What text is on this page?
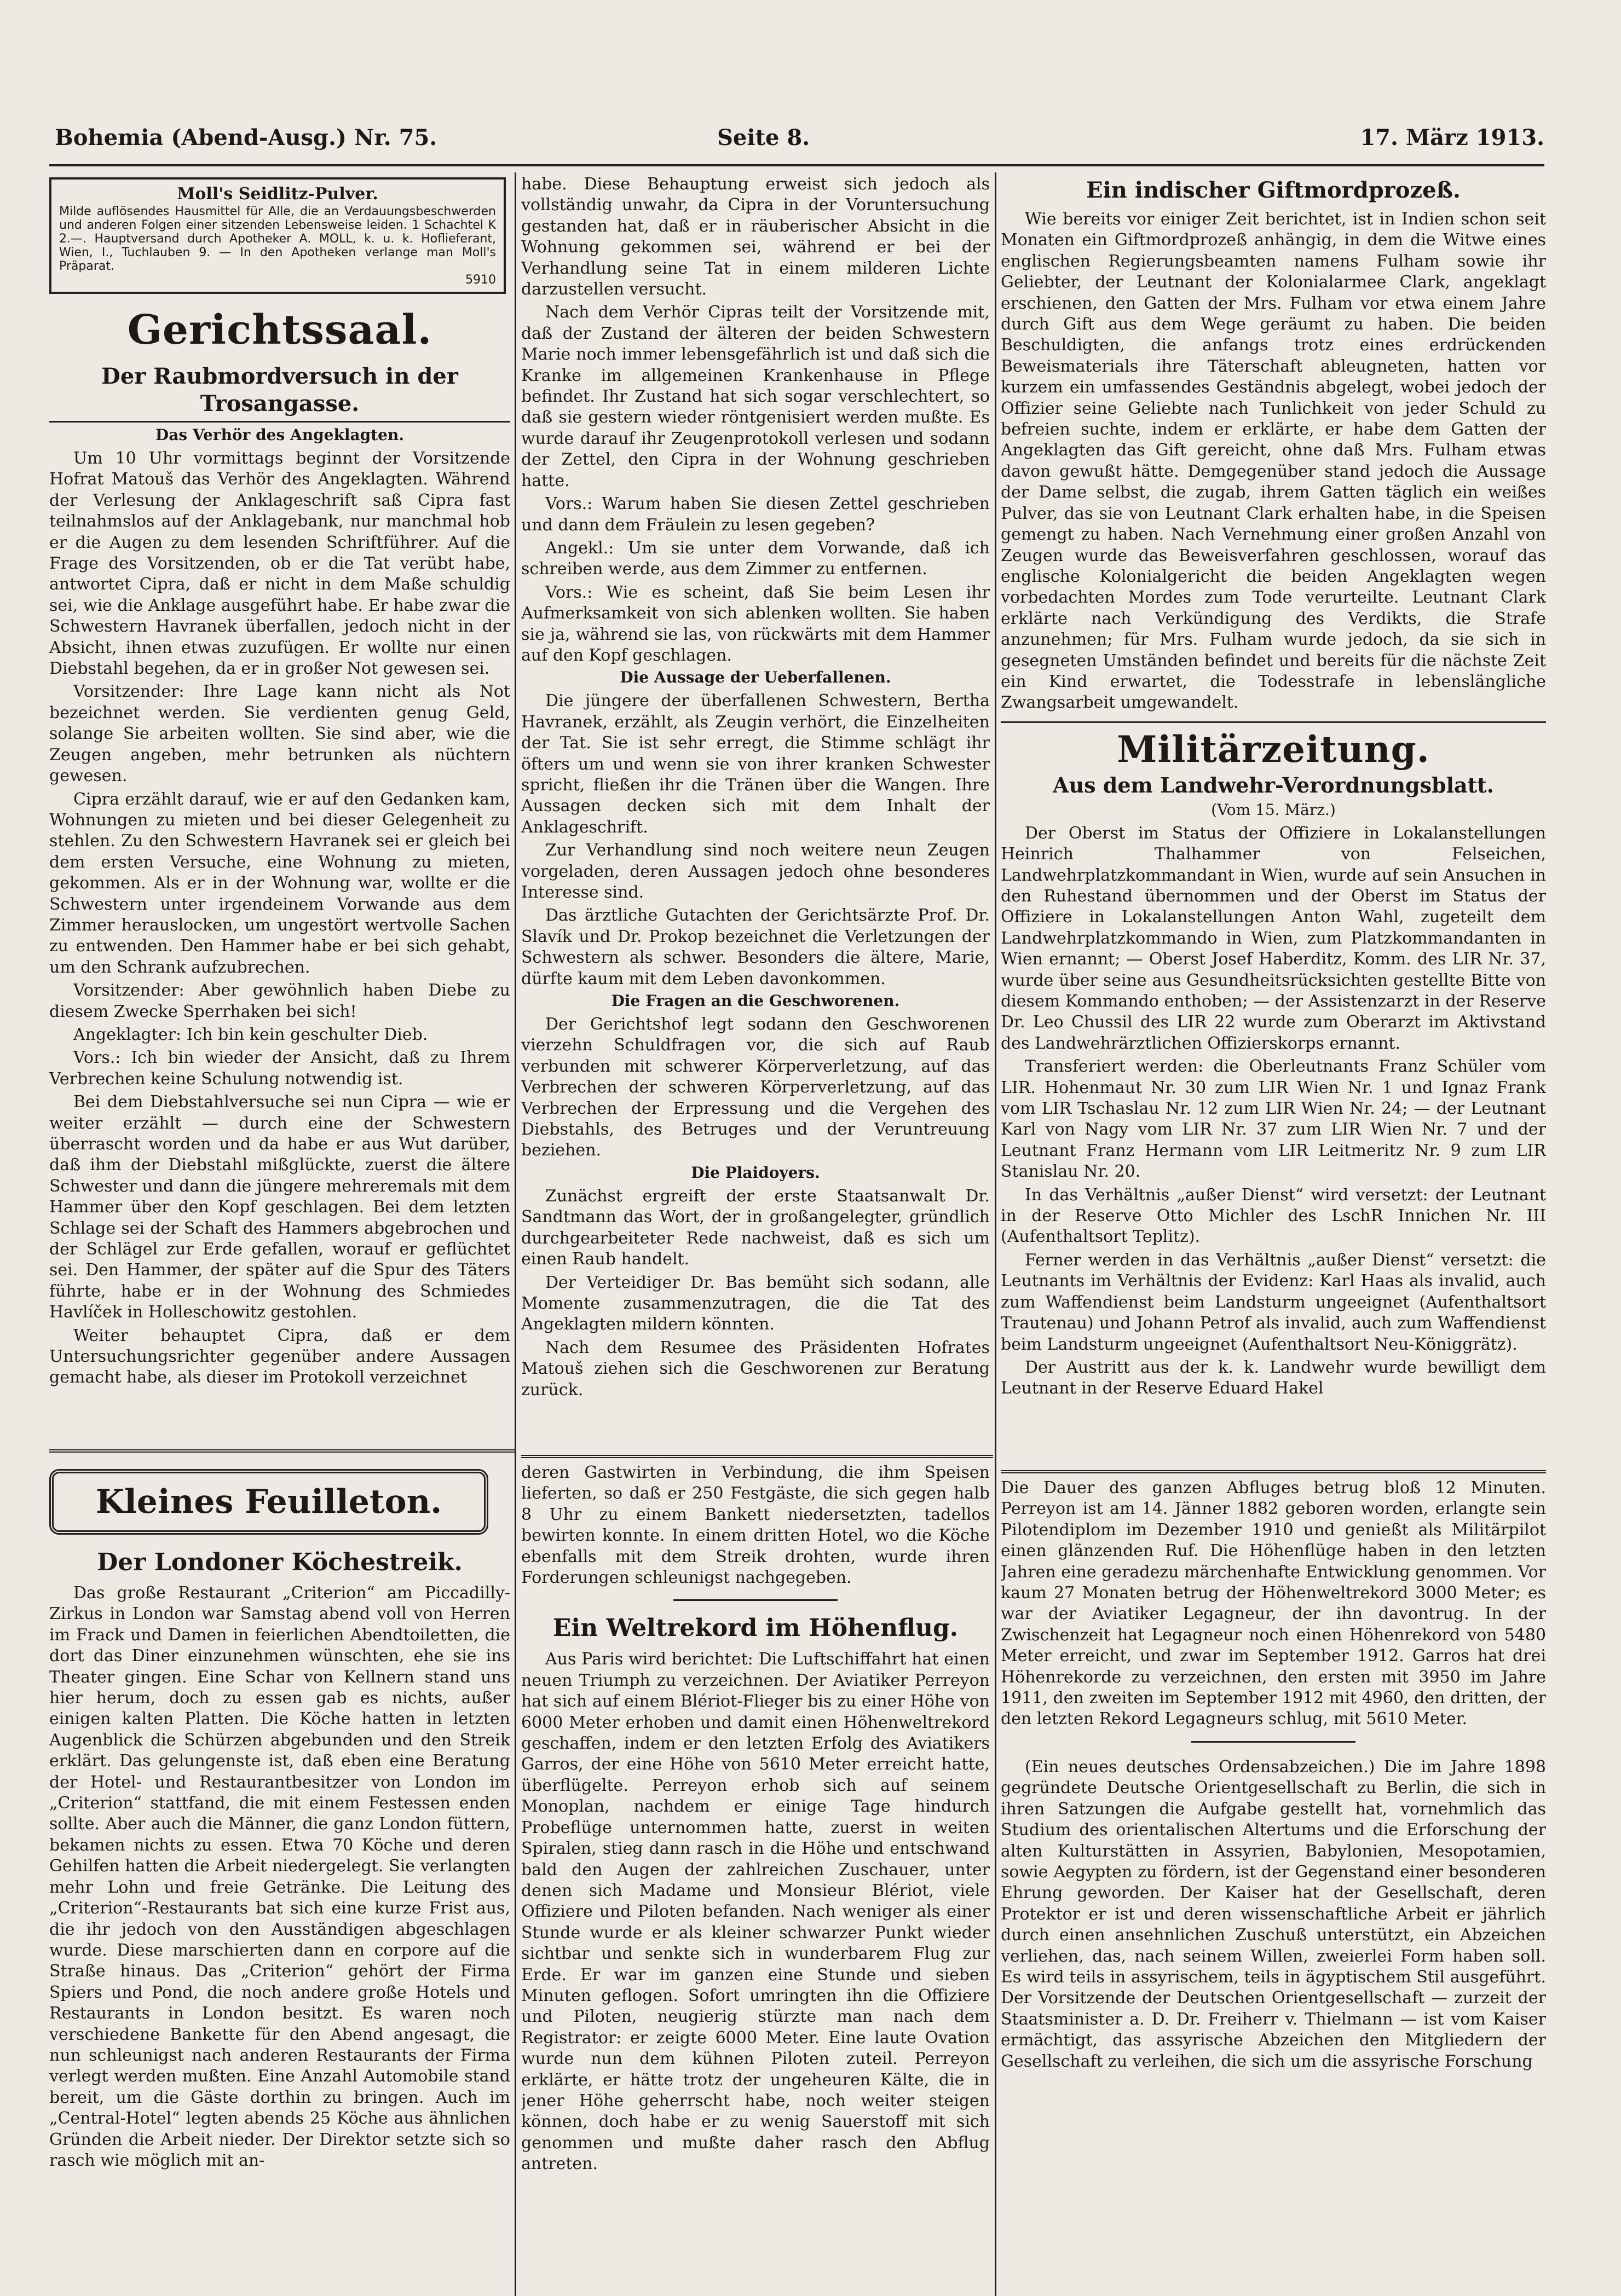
Bohemia (Abend-Ausg.) Nr. 75.	Seite 8.	17. März 1913.
Moll's Seidlitz-Pulver.

Milde auflösendes Hausmittel für Alle, die an Verdauungsbeschwerden und anderen Folgen einer sitzenden Lebensweise leiden. 1 Schachtel K 2.—. Hauptversand durch Apotheker A. MOLL, k. u. k. Hoflieferant, Wien, I., Tuchlauben 9. — In den Apotheken verlange man Moll's Präparat.

5910
Gerichtssaal.
Der Raubmordversuch in der Trosangasse.
Das Verhör des Angeklagten.

Um 10 Uhr vormittags beginnt der Vorsitzende Hofrat Matouš das Verhör des Angeklagten. Während der Verlesung der Anklageschrift saß Cipra fast teilnahmslos auf der Anklagebank, nur manchmal hob er die Augen zu dem lesenden Schriftführer. Auf die Frage des Vorsitzenden, ob er die Tat verübt habe, antwortet Cipra, daß er nicht in dem Maße schuldig sei, wie die Anklage ausgeführt habe. Er habe zwar die Schwestern Havranek überfallen, jedoch nicht in der Absicht, ihnen etwas zuzufügen. Er wollte nur einen Diebstahl begehen, da er in großer Not gewesen sei.

Vorsitzender: Ihre Lage kann nicht als Not bezeichnet werden. Sie verdienten genug Geld, solange Sie arbeiten wollten. Sie sind aber, wie die Zeugen angeben, mehr betrunken als nüchtern gewesen.

Cipra erzählt darauf, wie er auf den Gedanken kam, Wohnungen zu mieten und bei dieser Gelegenheit zu stehlen. Zu den Schwestern Havranek sei er gleich bei dem ersten Versuche, eine Wohnung zu mieten, gekommen. Als er in der Wohnung war, wollte er die Schwestern unter irgendeinem Vorwande aus dem Zimmer herauslocken, um ungestört wertvolle Sachen zu entwenden. Den Hammer habe er bei sich gehabt, um den Schrank aufzubrechen.

Vorsitzender: Aber gewöhnlich haben Diebe zu diesem Zwecke Sperrhaken bei sich!

Angeklagter: Ich bin kein geschulter Dieb.

Vors.: Ich bin wieder der Ansicht, daß zu Ihrem Verbrechen keine Schulung notwendig ist.

Bei dem Diebstahlversuche sei nun Cipra — wie er weiter erzählt — durch eine der Schwestern überrascht worden und da habe er aus Wut darüber, daß ihm der Diebstahl mißglückte, zuerst die ältere Schwester und dann die jüngere mehreremals mit dem Hammer über den Kopf geschlagen. Bei dem letzten Schlage sei der Schaft des Hammers abgebrochen und der Schlägel zur Erde gefallen, worauf er geflüchtet sei. Den Hammer, der später auf die Spur des Täters führte, habe er in der Wohnung des Schmiedes Havlíček in Holleschowitz gestohlen.

Weiter behauptet Cipra, daß er dem Untersuchungsrichter gegenüber andere Aussagen gemacht habe, als dieser im Protokoll verzeichnet

habe. Diese Behauptung erweist sich jedoch als vollständig unwahr, da Cipra in der Voruntersuchung gestanden hat, daß er in räuberischer Absicht in die Wohnung gekommen sei, während er bei der Verhandlung seine Tat in einem milderen Lichte darzustellen versucht.

Nach dem Verhör Cipras teilt der Vorsitzende mit, daß der Zustand der älteren der beiden Schwestern Marie noch immer lebensgefährlich ist und daß sich die Kranke im allgemeinen Krankenhause in Pflege befindet. Ihr Zustand hat sich sogar verschlechtert, so daß sie gestern wieder röntgenisiert werden mußte. Es wurde darauf ihr Zeugenprotokoll verlesen und sodann der Zettel, den Cipra in der Wohnung geschrieben hatte.

Vors.: Warum haben Sie diesen Zettel geschrieben und dann dem Fräulein zu lesen gegeben?

Angekl.: Um sie unter dem Vorwande, daß ich schreiben werde, aus dem Zimmer zu entfernen.

Vors.: Wie es scheint, daß Sie beim Lesen ihr Aufmerksamkeit von sich ablenken wollten. Sie haben sie ja, während sie las, von rückwärts mit dem Hammer auf den Kopf geschlagen.

Die Aussage der Ueberfallenen.

Die jüngere der überfallenen Schwestern, Bertha Havranek, erzählt, als Zeugin verhört, die Einzelheiten der Tat. Sie ist sehr erregt, die Stimme schlägt ihr öfters um und wenn sie von ihrer kranken Schwester spricht, fließen ihr die Tränen über die Wangen. Ihre Aussagen decken sich mit dem Inhalt der Anklageschrift.

Zur Verhandlung sind noch weitere neun Zeugen vorgeladen, deren Aussagen jedoch ohne besonderes Interesse sind.

Das ärztliche Gutachten der Gerichtsärzte Prof. Dr. Slavík und Dr. Prokop bezeichnet die Verletzungen der Schwestern als schwer. Besonders die ältere, Marie, dürfte kaum mit dem Leben davonkommen.

Die Fragen an die Geschworenen.

Der Gerichtshof legt sodann den Geschworenen vierzehn Schuldfragen vor, die sich auf Raub verbunden mit schwerer Körperverletzung, auf das Verbrechen der schweren Körperverletzung, auf das Verbrechen der Erpressung und die Vergehen des Diebstahls, des Betruges und der Veruntreuung beziehen.

Die Plaidoyers.

Zunächst ergreift der erste Staatsanwalt Dr. Sandtmann das Wort, der in großangelegter, gründlich durchgearbeiteter Rede nachweist, daß es sich um einen Raub handelt.

Der Verteidiger Dr. Bas bemüht sich sodann, alle Momente zusammenzutragen, die die Tat des Angeklagten mildern könnten.

Nach dem Resumee des Präsidenten Hofrates Matouš ziehen sich die Geschworenen zur Beratung zurück.

Ein indischer Giftmordprozeß.

Wie bereits vor einiger Zeit berichtet, ist in Indien schon seit Monaten ein Giftmordprozeß anhängig, in dem die Witwe eines englischen Regierungsbeamten namens Fulham sowie ihr Geliebter, der Leutnant der Kolonialarmee Clark, angeklagt erschienen, den Gatten der Mrs. Fulham vor etwa einem Jahre durch Gift aus dem Wege geräumt zu haben. Die beiden Beschuldigten, die anfangs trotz eines erdrückenden Beweismaterials ihre Täterschaft ableugneten, hatten vor kurzem ein umfassendes Geständnis abgelegt, wobei jedoch der Offizier seine Geliebte nach Tunlichkeit von jeder Schuld zu befreien suchte, indem er erklärte, er habe dem Gatten der Angeklagten das Gift gereicht, ohne daß Mrs. Fulham etwas davon gewußt hätte. Demgegenüber stand jedoch die Aussage der Dame selbst, die zugab, ihrem Gatten täglich ein weißes Pulver, das sie von Leutnant Clark erhalten habe, in die Speisen gemengt zu haben. Nach Vernehmung einer großen Anzahl von Zeugen wurde das Beweisverfahren geschlossen, worauf das englische Kolonialgericht die beiden Angeklagten wegen vorbedachten Mordes zum Tode verurteilte. Leutnant Clark erklärte nach Verkündigung des Verdikts, die Strafe anzunehmen; für Mrs. Fulham wurde jedoch, da sie sich in gesegneten Umständen befindet und bereits für die nächste Zeit ein Kind erwartet, die Todesstrafe in lebenslängliche Zwangsarbeit umgewandelt.

Militärzeitung.
Aus dem Landwehr-Verordnungsblatt.
(Vom 15. März.)

Der Oberst im Status der Offiziere in Lokalanstellungen Heinrich Thalhammer von Felseichen, Landwehrplatzkommandant in Wien, wurde auf sein Ansuchen in den Ruhestand übernommen und der Oberst im Status der Offiziere in Lokalanstellungen Anton Wahl, zugeteilt dem Landwehrplatzkommando in Wien, zum Platzkommandanten in Wien ernannt; — Oberst Josef Haberditz, Komm. des LIR Nr. 37, wurde über seine aus Gesundheitsrücksichten gestellte Bitte von diesem Kommando enthoben; — der Assistenzarzt in der Reserve Dr. Leo Chussil des LIR 22 wurde zum Oberarzt im Aktivstand des Landwehrärztlichen Offizierskorps ernannt.

Transferiert werden: die Oberleutnants Franz Schüler vom LIR. Hohenmaut Nr. 30 zum LIR Wien Nr. 1 und Ignaz Frank vom LIR Tschaslau Nr. 12 zum LIR Wien Nr. 24; — der Leutnant Karl von Nagy vom LIR Nr. 37 zum LIR Wien Nr. 7 und der Leutnant Franz Hermann vom LIR Leitmeritz Nr. 9 zum LIR Stanislau Nr. 20.

In das Verhältnis „außer Dienst“ wird versetzt: der Leutnant in der Reserve Otto Michler des LschR Innichen Nr. III (Aufenthaltsort Teplitz).

Ferner werden in das Verhältnis „außer Dienst“ versetzt: die Leutnants im Verhältnis der Evidenz: Karl Haas als invalid, auch zum Waffendienst beim Landsturm ungeeignet (Aufenthaltsort Trautenau) und Johann Petrof als invalid, auch zum Waffendienst beim Landsturm ungeeignet (Aufenthaltsort Neu-Königgrätz).

Der Austritt aus der k. k. Landwehr wurde bewilligt dem Leutnant in der Reserve Eduard Hakel

Kleines Feuilleton.
Der Londoner Köchestreik.

Das große Restaurant „Criterion“ am Piccadilly-Zirkus in London war Samstag abend voll von Herren im Frack und Damen in feierlichen Abendtoiletten, die dort das Diner einzunehmen wünschten, ehe sie ins Theater gingen. Eine Schar von Kellnern stand uns hier herum, doch zu essen gab es nichts, außer einigen kalten Platten. Die Köche hatten in letzten Augenblick die Schürzen abgebunden und den Streik erklärt. Das gelungenste ist, daß eben eine Beratung der Hotel- und Restaurantbesitzer von London im „Criterion“ stattfand, die mit einem Festessen enden sollte. Aber auch die Männer, die ganz London füttern, bekamen nichts zu essen. Etwa 70 Köche und deren Gehilfen hatten die Arbeit niedergelegt. Sie verlangten mehr Lohn und freie Getränke. Die Leitung des „Criterion“-Restaurants bat sich eine kurze Frist aus, die ihr jedoch von den Ausständigen abgeschlagen wurde. Diese marschierten dann en corpore auf die Straße hinaus. Das „Criterion“ gehört der Firma Spiers und Pond, die noch andere große Hotels und Restaurants in London besitzt. Es waren noch verschiedene Bankette für den Abend angesagt, die nun schleunigst nach anderen Restaurants der Firma verlegt werden mußten. Eine Anzahl Automobile stand bereit, um die Gäste dorthin zu bringen. Auch im „Central-Hotel“ legten abends 25 Köche aus ähnlichen Gründen die Arbeit nieder. Der Direktor setzte sich so rasch wie möglich mit an-

deren Gastwirten in Verbindung, die ihm Speisen lieferten, so daß er 250 Festgäste, die sich gegen halb 8 Uhr zu einem Bankett niedersetzten, tadellos bewirten konnte. In einem dritten Hotel, wo die Köche ebenfalls mit dem Streik drohten, wurde ihren Forderungen schleunigst nachgegeben.

Ein Weltrekord im Höhenflug.

Aus Paris wird berichtet: Die Luftschiffahrt hat einen neuen Triumph zu verzeichnen. Der Aviatiker Perreyon hat sich auf einem Blériot-Flieger bis zu einer Höhe von 6000 Meter erhoben und damit einen Höhenweltrekord geschaffen, indem er den letzten Erfolg des Aviatikers Garros, der eine Höhe von 5610 Meter erreicht hatte, überflügelte. Perreyon erhob sich auf seinem Monoplan, nachdem er einige Tage hindurch Probeflüge unternommen hatte, zuerst in weiten Spiralen, stieg dann rasch in die Höhe und entschwand bald den Augen der zahlreichen Zuschauer, unter denen sich Madame und Monsieur Blériot, viele Offiziere und Piloten befanden. Nach weniger als einer Stunde wurde er als kleiner schwarzer Punkt wieder sichtbar und senkte sich in wunderbarem Flug zur Erde. Er war im ganzen eine Stunde und sieben Minuten geflogen. Sofort umringten ihn die Offiziere und Piloten, neugierig stürzte man nach dem Registrator: er zeigte 6000 Meter. Eine laute Ovation wurde nun dem kühnen Piloten zuteil. Perreyon erklärte, er hätte trotz der ungeheuren Kälte, die in jener Höhe geherrscht habe, noch weiter steigen können, doch habe er zu wenig Sauerstoff mit sich genommen und mußte daher rasch den Abflug antreten.

Die Dauer des ganzen Abfluges betrug bloß 12 Minuten. Perreyon ist am 14. Jänner 1882 geboren worden, erlangte sein Pilotendiplom im Dezember 1910 und genießt als Militärpilot einen glänzenden Ruf. Die Höhenflüge haben in den letzten Jahren eine geradezu märchenhafte Entwicklung genommen. Vor kaum 27 Monaten betrug der Höhenweltrekord 3000 Meter; es war der Aviatiker Legagneur, der ihn davontrug. In der Zwischenzeit hat Legagneur noch einen Höhenrekord von 5480 Meter erreicht, und zwar im September 1912. Garros hat drei Höhenrekorde zu verzeichnen, den ersten mit 3950 im Jahre 1911, den zweiten im September 1912 mit 4960, den dritten, der den letzten Rekord Legagneurs schlug, mit 5610 Meter.

(Ein neues deutsches Ordensabzeichen.) Die im Jahre 1898 gegründete Deutsche Orientgesellschaft zu Berlin, die sich in ihren Satzungen die Aufgabe gestellt hat, vornehmlich das Studium des orientalischen Altertums und die Erforschung der alten Kulturstätten in Assyrien, Babylonien, Mesopotamien, sowie Aegypten zu fördern, ist der Gegenstand einer besonderen Ehrung geworden. Der Kaiser hat der Gesellschaft, deren Protektor er ist und deren wissenschaftliche Arbeit er jährlich durch einen ansehnlichen Zuschuß unterstützt, ein Abzeichen verliehen, das, nach seinem Willen, zweierlei Form haben soll. Es wird teils in assyrischem, teils in ägyptischem Stil ausgeführt. Der Vorsitzende der Deutschen Orientgesellschaft — zurzeit der Staatsminister a. D. Dr. Freiherr v. Thielmann — ist vom Kaiser ermächtigt, das assyrische Abzeichen den Mitgliedern der Gesellschaft zu verleihen, die sich um die assyrische Forschung
